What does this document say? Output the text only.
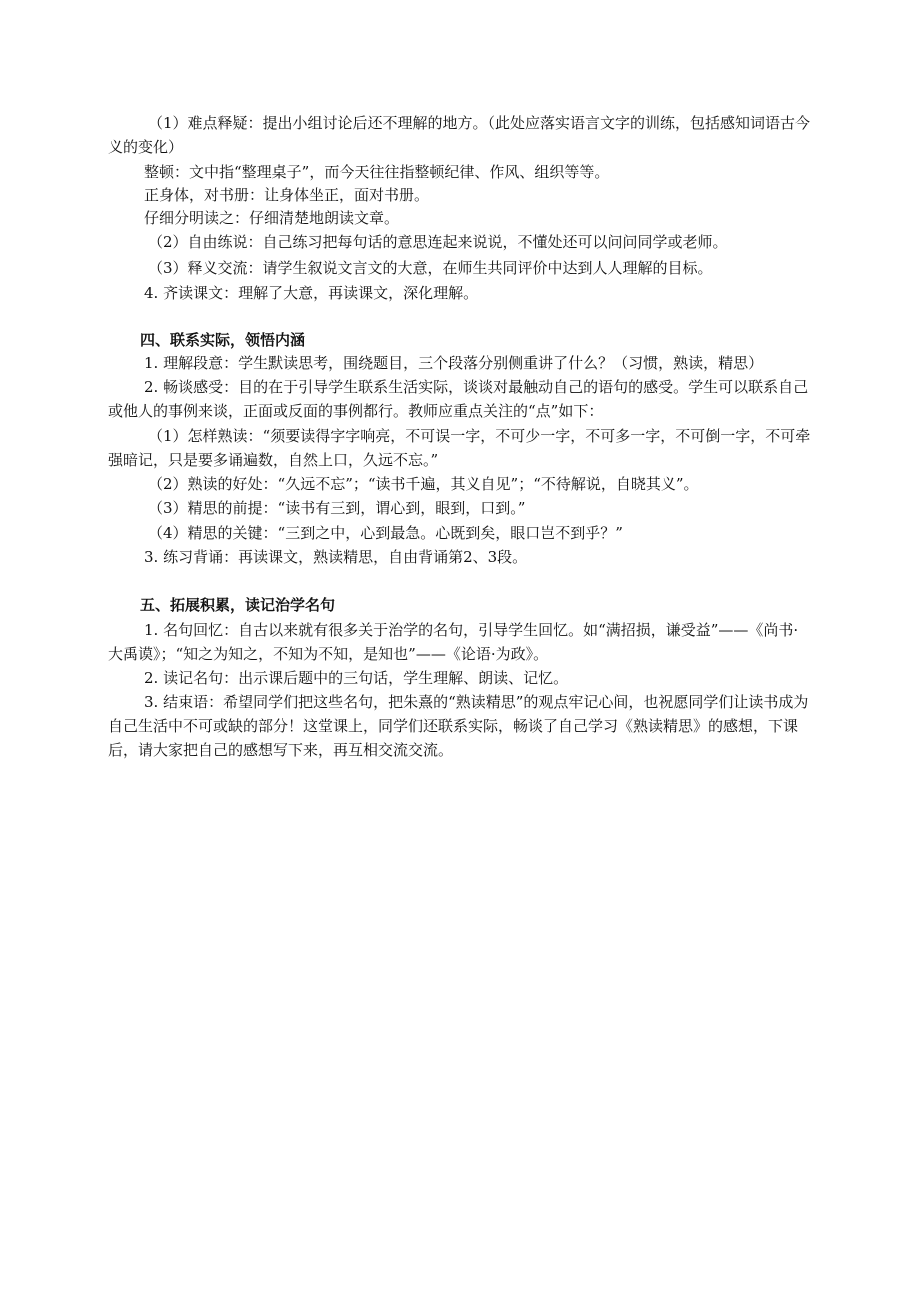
（1）难点释疑：提出小组讨论后还不理解的地方。（此处应落实语言文字的训练，包括感知词语古今义的变化）

整顿：文中指“整理桌子”，而今天往往指整顿纪律、作风、组织等等。

正身体，对书册：让身体坐正，面对书册。

仔细分明读之：仔细清楚地朗读文章。

（2）自由练说：自己练习把每句话的意思连起来说说，不懂处还可以问问同学或老师。

（3）释义交流：请学生叙说文言文的大意，在师生共同评价中达到人人理解的目标。

4. 齐读课文：理解了大意，再读课文，深化理解。

四、联系实际，领悟内涵

1. 理解段意：学生默读思考，围绕题目，三个段落分别侧重讲了什么？（习惯，熟读，精思）

2. 畅谈感受：目的在于引导学生联系生活实际，谈谈对最触动自己的语句的感受。学生可以联系自己或他人的事例来谈，正面或反面的事例都行。教师应重点关注的“点”如下：

（1）怎样熟读：“须要读得字字响亮，不可误一字，不可少一字，不可多一字，不可倒一字，不可牵强暗记，只是要多诵遍数，自然上口，久远不忘。”

（2）熟读的好处：“久远不忘”；“读书千遍，其义自见”；“不待解说，自晓其义”。

（3）精思的前提：“读书有三到，谓心到，眼到，口到。”

（4）精思的关键：“三到之中，心到最急。心既到矣，眼口岂不到乎？”

3. 练习背诵：再读课文，熟读精思，自由背诵第2、3段。

五、拓展积累，读记治学名句

1. 名句回忆：自古以来就有很多关于治学的名句，引导学生回忆。如“满招损，谦受益”——《尚书·大禹谟》；“知之为知之，不知为不知，是知也”——《论语·为政》。

2. 读记名句：出示课后题中的三句话，学生理解、朗读、记忆。

3. 结束语：希望同学们把这些名句，把朱熹的“熟读精思”的观点牢记心间，也祝愿同学们让读书成为自己生活中不可或缺的部分！这堂课上，同学们还联系实际，畅谈了自己学习《熟读精思》的感想，下课后，请大家把自己的感想写下来，再互相交流交流。
